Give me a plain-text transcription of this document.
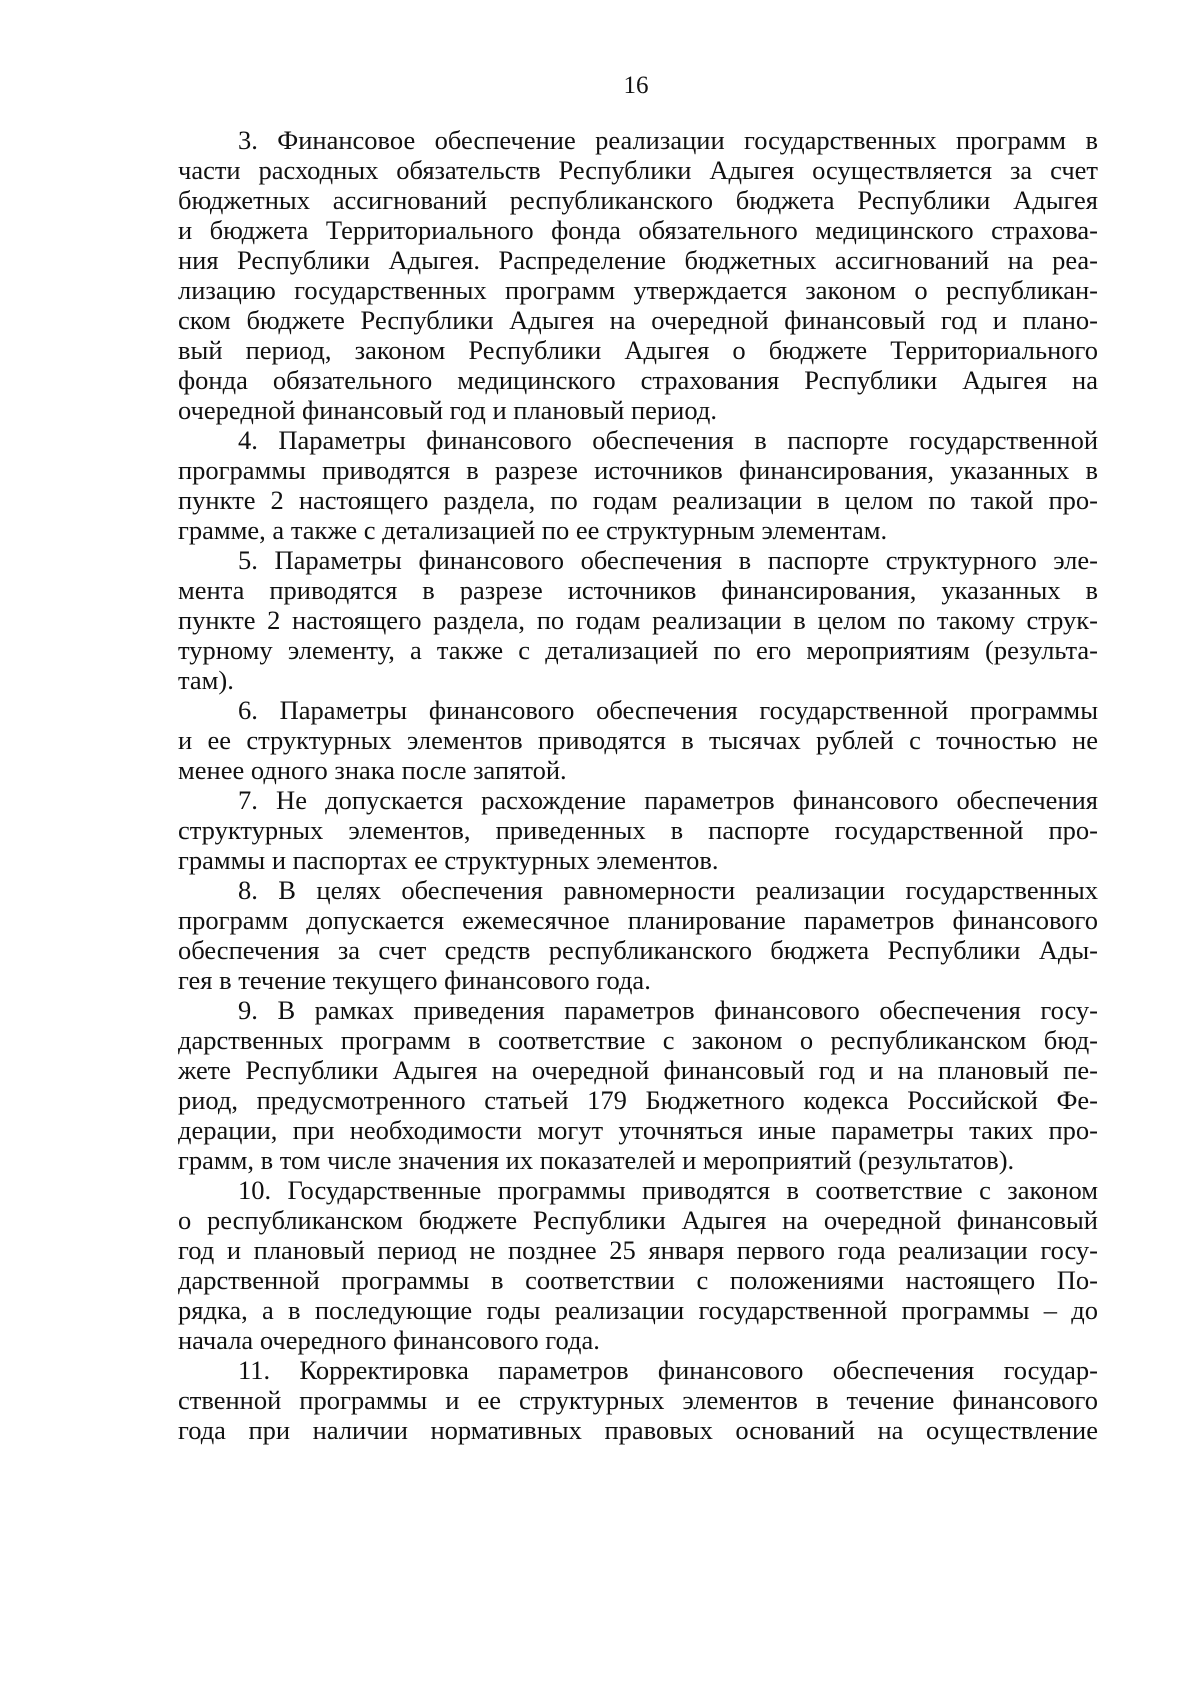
16
3. Финансовое обеспечение реализации государственных программ в
части расходных обязательств Республики Адыгея осуществляется за счет
бюджетных ассигнований республиканского бюджета Республики Адыгея
и бюджета Территориального фонда обязательного медицинского страхова-
ния Республики Адыгея. Распределение бюджетных ассигнований на реа-
лизацию государственных программ утверждается законом о республикан-
ском бюджете Республики Адыгея на очередной финансовый год и плано-
вый период, законом Республики Адыгея о бюджете Территориального
фонда обязательного медицинского страхования Республики Адыгея на
очередной финансовый год и плановый период.
4. Параметры финансового обеспечения в паспорте государственной
программы приводятся в разрезе источников финансирования, указанных в
пункте 2 настоящего раздела, по годам реализации в целом по такой про-
грамме, а также с детализацией по ее структурным элементам.
5. Параметры финансового обеспечения в паспорте структурного эле-
мента приводятся в разрезе источников финансирования, указанных в
пункте 2 настоящего раздела, по годам реализации в целом по такому струк-
турному элементу, а также с детализацией по его мероприятиям (результа-
там).
6. Параметры финансового обеспечения государственной программы
и ее структурных элементов приводятся в тысячах рублей с точностью не
менее одного знака после запятой.
7. Не допускается расхождение параметров финансового обеспечения
структурных элементов, приведенных в паспорте государственной про-
граммы и паспортах ее структурных элементов.
8. В целях обеспечения равномерности реализации государственных
программ допускается ежемесячное планирование параметров финансового
обеспечения за счет средств республиканского бюджета Республики Ады-
гея в течение текущего финансового года.
9. В рамках приведения параметров финансового обеспечения госу-
дарственных программ в соответствие с законом о республиканском бюд-
жете Республики Адыгея на очередной финансовый год и на плановый пе-
риод, предусмотренного статьей 179 Бюджетного кодекса Российской Фе-
дерации, при необходимости могут уточняться иные параметры таких про-
грамм, в том числе значения их показателей и мероприятий (результатов).
10. Государственные программы приводятся в соответствие с законом
о республиканском бюджете Республики Адыгея на очередной финансовый
год и плановый период не позднее 25 января первого года реализации госу-
дарственной программы в соответствии с положениями настоящего По-
рядка, а в последующие годы реализации государственной программы – до
начала очередного финансового года.
11. Корректировка параметров финансового обеспечения государ-
ственной программы и ее структурных элементов в течение финансового
года при наличии нормативных правовых оснований на осуществление
